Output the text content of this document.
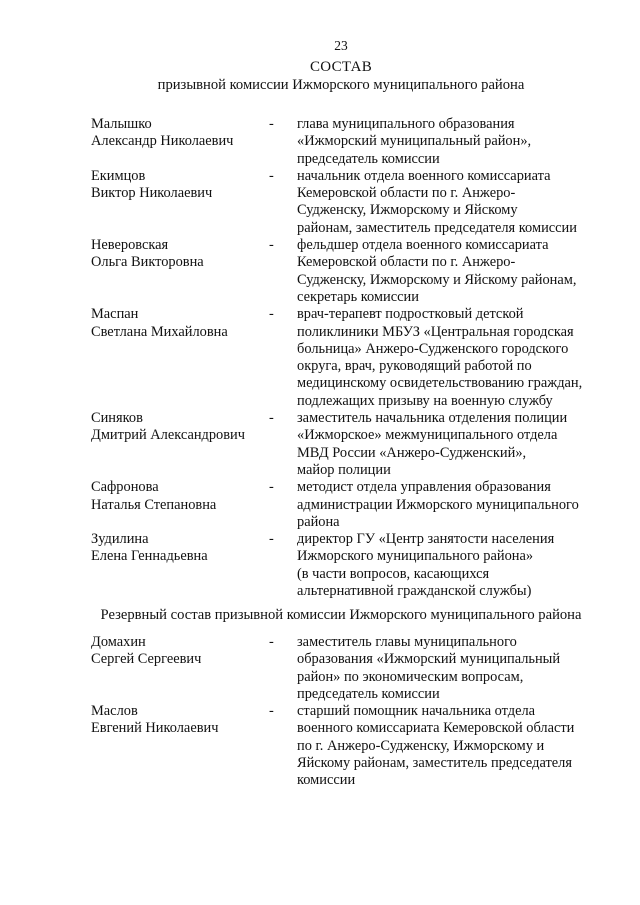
23
СОСТАВ
призывной комиссии Ижморского муниципального района
Малышко
Александр Николаевич
-	глава муниципального образования
«Ижморский муниципальный район»,
председатель комиссии
Екимцов
Виктор Николаевич
-	начальник отдела военного комиссариата
Кемеровской области по г. Анжеро-
Судженску, Ижморскому и Яйскому
районам, заместитель председателя комиссии
Неверовская
Ольга Викторовна
-	фельдшер отдела военного комиссариата
Кемеровской области по г. Анжеро-
Судженску, Ижморскому и Яйскому районам,
секретарь комиссии
Маспан
Светлана Михайловна
-	врач-терапевт подростковый детской
поликлиники МБУЗ «Центральная городская
больница» Анжеро-Судженского городского
округа, врач, руководящий работой по
медицинскому освидетельствованию граждан,
подлежащих призыву на военную службу
Синяков
Дмитрий Александрович
-	заместитель начальника отделения полиции
«Ижморское» межмуниципального отдела
МВД России «Анжеро-Судженский»,
майор полиции
Сафронова
Наталья Степановна
-	методист отдела управления образования
администрации Ижморского муниципального
района
Зудилина
Елена Геннадьевна
-	директор ГУ «Центр занятости населения
Ижморского муниципального района»
(в части вопросов, касающихся
альтернативной гражданской службы)
Резервный состав призывной комиссии Ижморского муниципального района
Домахин
Сергей Сергеевич
-	заместитель главы муниципального
образования «Ижморский муниципальный
район» по экономическим вопросам,
председатель комиссии
Маслов
Евгений Николаевич
-	старший помощник начальника отдела
военного комиссариата Кемеровской области
по г. Анжеро-Судженску, Ижморскому и
Яйскому районам, заместитель председателя
комиссии
